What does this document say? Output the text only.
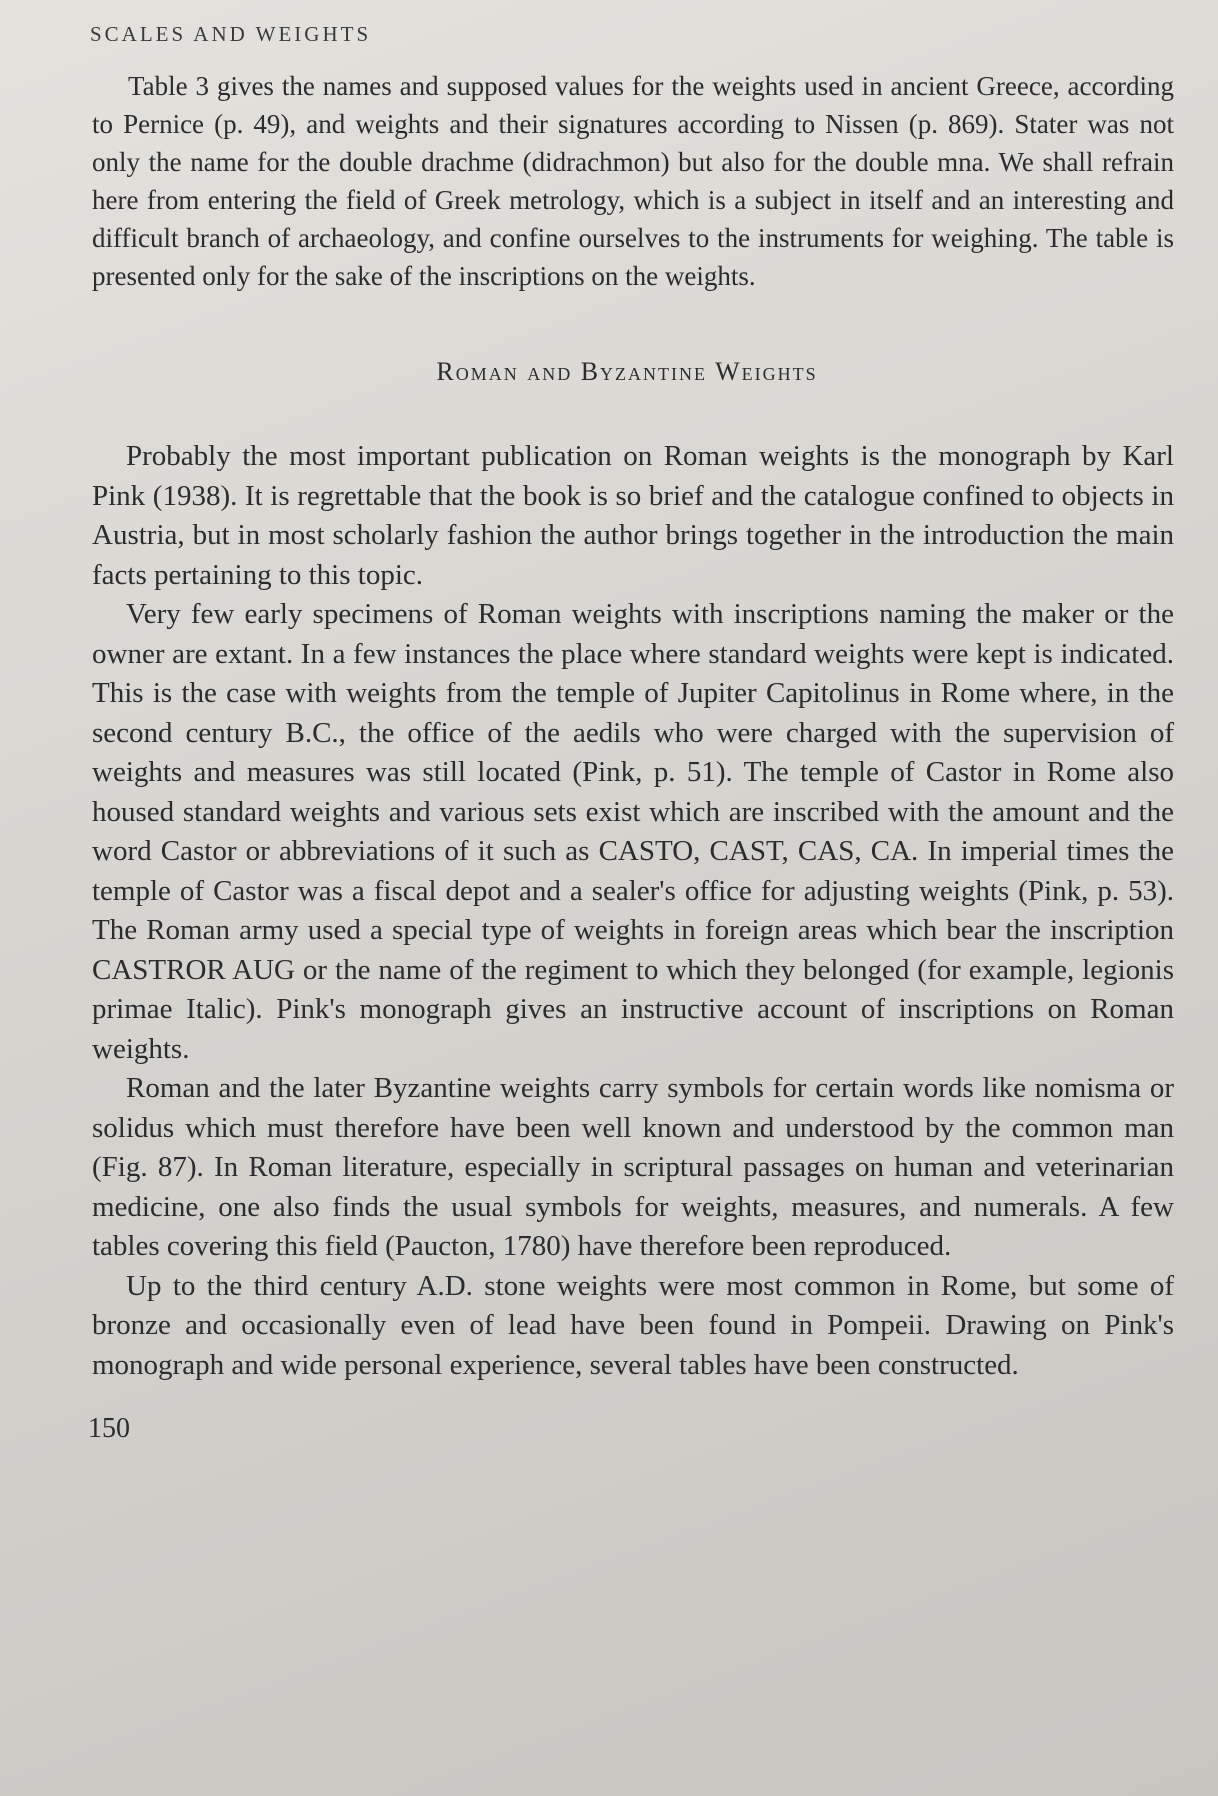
SCALES AND WEIGHTS

Table 3 gives the names and supposed values for the weights used in ancient Greece, according to Pernice (p. 49), and weights and their signatures according to Nissen (p. 869). Stater was not only the name for the double drachme (didrachmon) but also for the double mna. We shall refrain here from entering the field of Greek metrology, which is a subject in itself and an interesting and difficult branch of archaeology, and confine ourselves to the instruments for weighing. The table is presented only for the sake of the inscriptions on the weights.

Roman and Byzantine Weights

Probably the most important publication on Roman weights is the monograph by Karl Pink (1938). It is regrettable that the book is so brief and the catalogue confined to objects in Austria, but in most scholarly fashion the author brings together in the introduction the main facts pertaining to this topic.

Very few early specimens of Roman weights with inscriptions naming the maker or the owner are extant. In a few instances the place where standard weights were kept is indicated. This is the case with weights from the temple of Jupiter Capitolinus in Rome where, in the second century B.C., the office of the aedils who were charged with the supervision of weights and measures was still located (Pink, p. 51). The temple of Castor in Rome also housed standard weights and various sets exist which are inscribed with the amount and the word Castor or abbreviations of it such as CASTO, CAST, CAS, CA. In imperial times the temple of Castor was a fiscal depot and a sealer's office for adjusting weights (Pink, p. 53). The Roman army used a special type of weights in foreign areas which bear the inscription CASTROR AUG or the name of the regiment to which they belonged (for example, legionis primae Italic). Pink's monograph gives an instructive account of inscriptions on Roman weights.

Roman and the later Byzantine weights carry symbols for certain words like nomisma or solidus which must therefore have been well known and understood by the common man (Fig. 87). In Roman literature, especially in scriptural passages on human and veterinarian medicine, one also finds the usual symbols for weights, measures, and numerals. A few tables covering this field (Paucton, 1780) have therefore been reproduced.

Up to the third century A.D. stone weights were most common in Rome, but some of bronze and occasionally even of lead have been found in Pompeii. Drawing on Pink's monograph and wide personal experience, several tables have been constructed.

150
